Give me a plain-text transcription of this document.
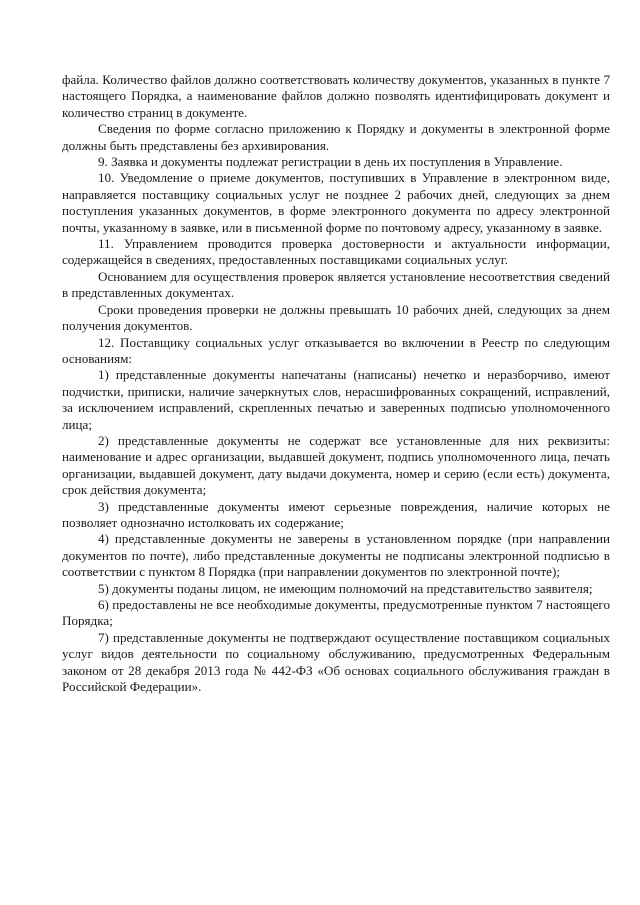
файла. Количество файлов должно соответствовать количеству документов, указанных в пункте 7 настоящего Порядка, а наименование файлов должно позволять идентифицировать документ и количество страниц в документе.

Сведения по форме согласно приложению к Порядку и документы в электронной форме должны быть представлены без архивирования.

9. Заявка и документы подлежат регистрации в день их поступления в Управление.

10. Уведомление о приеме документов, поступивших в Управление в электронном виде, направляется поставщику социальных услуг не позднее 2 рабочих дней, следующих за днем поступления указанных документов, в форме электронного документа по адресу электронной почты, указанному в заявке, или в письменной форме по почтовому адресу, указанному в заявке.

11. Управлением проводится проверка достоверности и актуальности информации, содержащейся в сведениях, предоставленных поставщиками социальных услуг.

Основанием для осуществления проверок является установление несоответствия сведений в представленных документах.

Сроки проведения проверки не должны превышать 10 рабочих дней, следующих за днем получения документов.

12. Поставщику социальных услуг отказывается во включении в Реестр по следующим основаниям:

1) представленные документы напечатаны (написаны) нечетко и неразборчиво, имеют подчистки, приписки, наличие зачеркнутых слов, нерасшифрованных сокращений, исправлений, за исключением исправлений, скрепленных печатью и заверенных подписью уполномоченного лица;

2) представленные документы не содержат все установленные для них реквизиты: наименование и адрес организации, выдавшей документ, подпись уполномоченного лица, печать организации, выдавшей документ, дату выдачи документа, номер и серию (если есть) документа, срок действия документа;

3) представленные документы имеют серьезные повреждения, наличие которых не позволяет однозначно истолковать их содержание;

4) представленные документы не заверены в установленном порядке (при направлении документов по почте), либо представленные документы не подписаны электронной подписью в соответствии с пунктом 8 Порядка (при направлении документов по электронной почте);

5) документы поданы лицом, не имеющим полномочий на представительство заявителя;

6) предоставлены не все необходимые документы, предусмотренные пунктом 7 настоящего Порядка;

7) представленные документы не подтверждают осуществление поставщиком социальных услуг видов деятельности по социальному обслуживанию, предусмотренных Федеральным законом от 28 декабря 2013 года № 442-ФЗ «Об основах социального обслуживания граждан в Российской Федерации».
